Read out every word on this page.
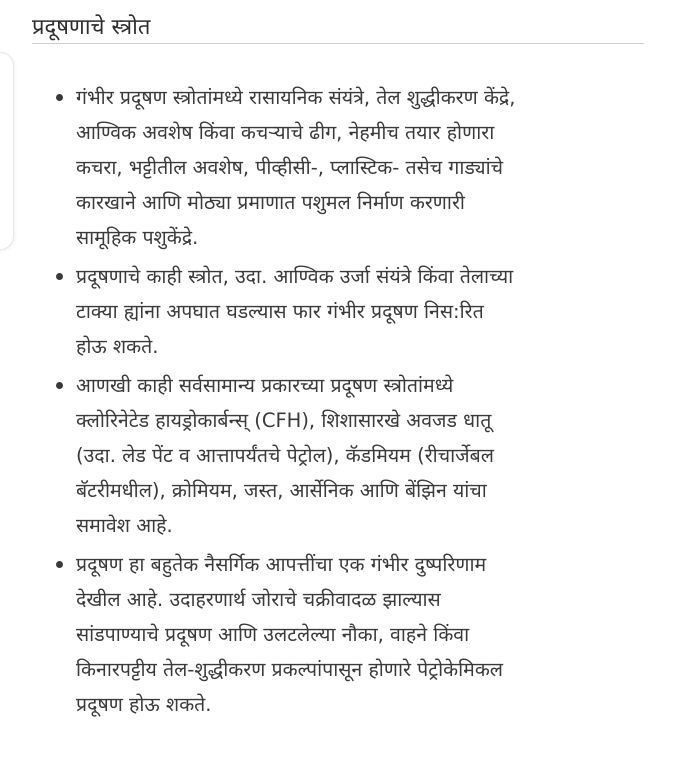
प्रदूषणाचे स्त्रोत
गंभीर प्रदूषण स्त्रोतांमध्ये रासायनिक संयंत्रे, तेल शुद्धीकरण केंद्रे,
आण्विक अवशेष किंवा कचऱ्याचे ढीग, नेहमीच तयार होणारा
कचरा, भट्टीतील अवशेष, पीव्हीसी-, प्लास्टिक- तसेच गाड्यांचे
कारखाने आणि मोठ्या प्रमाणात पशुमल निर्माण करणारी
सामूहिक पशुकेंद्रे.
प्रदूषणाचे काही स्त्रोत, उदा. आण्विक उर्जा संयंत्रे किंवा तेलाच्या
टाक्या ह्यांना अपघात घडल्यास फार गंभीर प्रदूषण निस:रित
होऊ शकते.
आणखी काही सर्वसामान्य प्रकारच्या प्रदूषण स्त्रोतांमध्ये
क्लोरिनेटेड हायड्रोकार्बन्स् (CFH), शिशासारखे अवजड धातू
(उदा. लेड पेंट व आत्तापर्यंतचे पेट्रोल), कॅडमियम (रीचार्जेबल
बॅटरीमधील), क्रोमियम, जस्त, आर्सेनिक आणि बेंझिन यांचा
समावेश आहे.
प्रदूषण हा बहुतेक नैसर्गिक आपत्तींचा एक गंभीर दुष्परिणाम
देखील आहे. उदाहरणार्थ जोराचे चक्रीवादळ झाल्यास
सांडपाण्याचे प्रदूषण आणि उलटलेल्या नौका, वाहने किंवा
किनारपट्टीय तेल-शुद्धीकरण प्रकल्पांपासून होणारे पेट्रोकेमिकल
प्रदूषण होऊ शकते.
